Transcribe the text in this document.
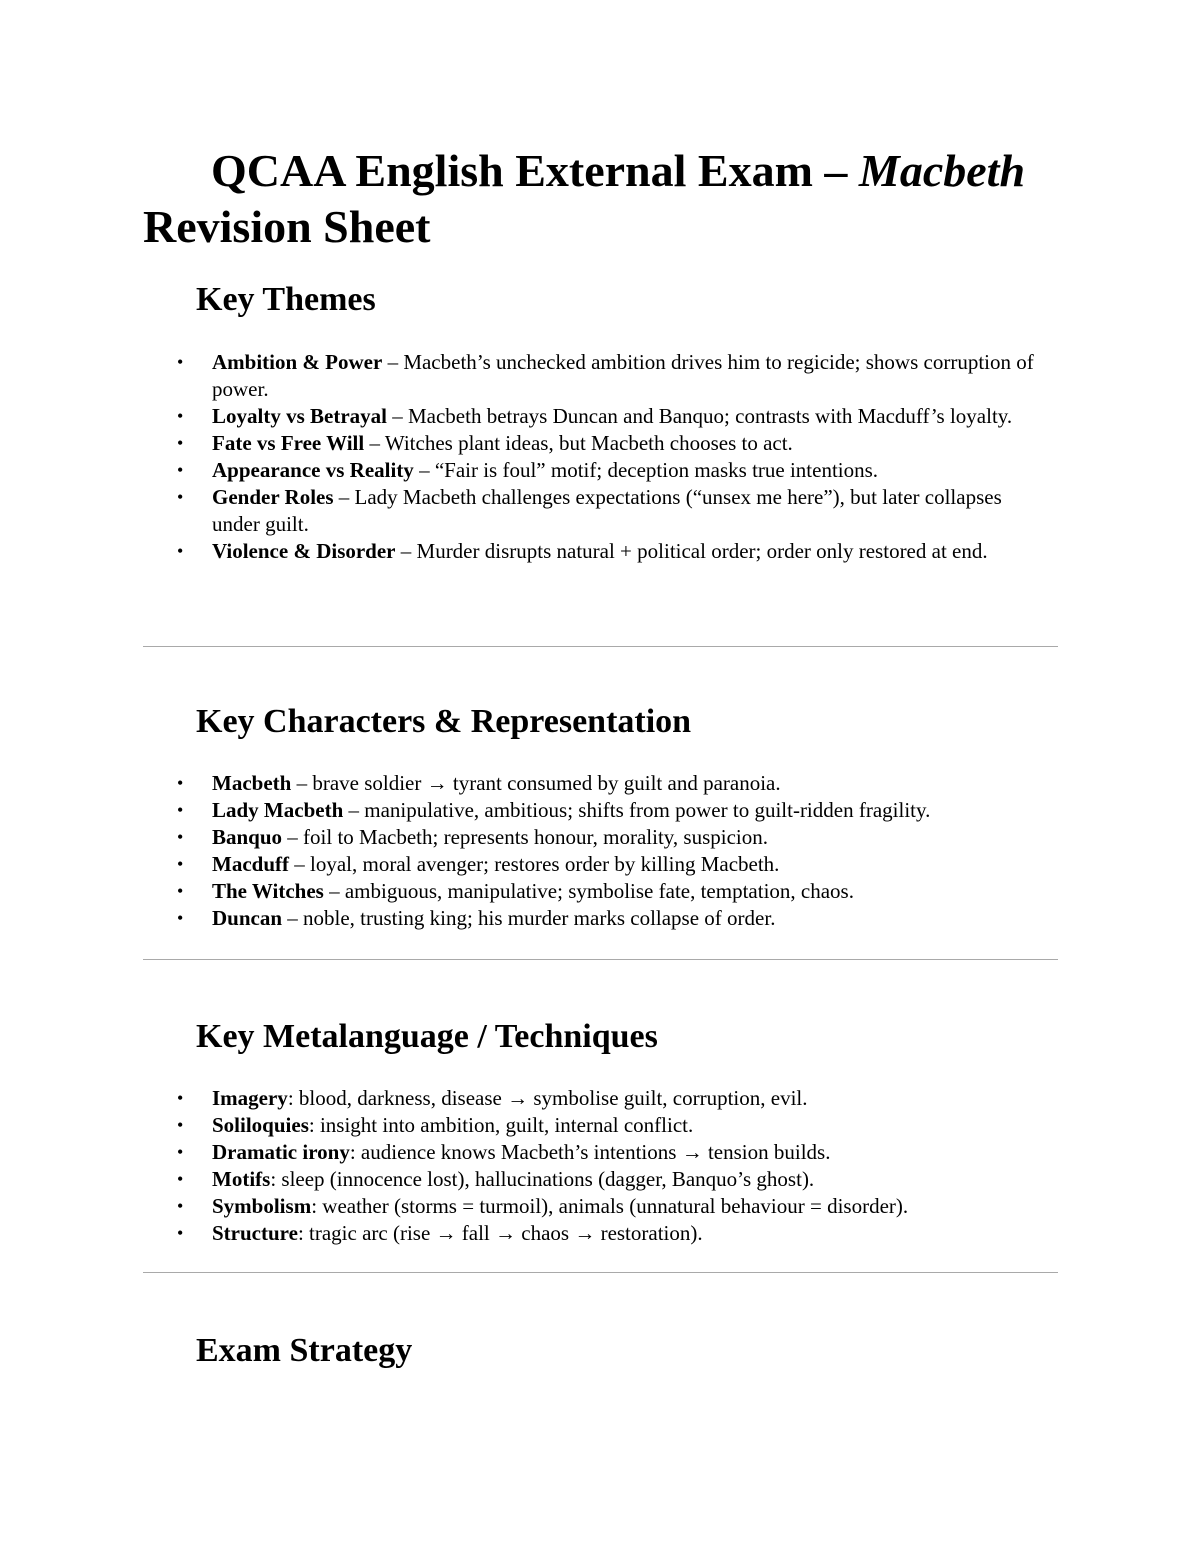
QCAA English External Exam – Macbeth Revision Sheet
Key Themes
• Ambition & Power – Macbeth’s unchecked ambition drives him to regicide; shows corruption of power.
• Loyalty vs Betrayal – Macbeth betrays Duncan and Banquo; contrasts with Macduff’s loyalty.
• Fate vs Free Will – Witches plant ideas, but Macbeth chooses to act.
• Appearance vs Reality – “Fair is foul” motif; deception masks true intentions.
• Gender Roles – Lady Macbeth challenges expectations (“unsex me here”), but later collapses under guilt.
• Violence & Disorder – Murder disrupts natural + political order; order only restored at end.
Key Characters & Representation
• Macbeth – brave soldier → tyrant consumed by guilt and paranoia.
• Lady Macbeth – manipulative, ambitious; shifts from power to guilt-ridden fragility.
• Banquo – foil to Macbeth; represents honour, morality, suspicion.
• Macduff – loyal, moral avenger; restores order by killing Macbeth.
• The Witches – ambiguous, manipulative; symbolise fate, temptation, chaos.
• Duncan – noble, trusting king; his murder marks collapse of order.
Key Metalanguage / Techniques
• Imagery: blood, darkness, disease → symbolise guilt, corruption, evil.
• Soliloquies: insight into ambition, guilt, internal conflict.
• Dramatic irony: audience knows Macbeth’s intentions → tension builds.
• Motifs: sleep (innocence lost), hallucinations (dagger, Banquo’s ghost).
• Symbolism: weather (storms = turmoil), animals (unnatural behaviour = disorder).
• Structure: tragic arc (rise → fall → chaos → restoration).
Exam Strategy
